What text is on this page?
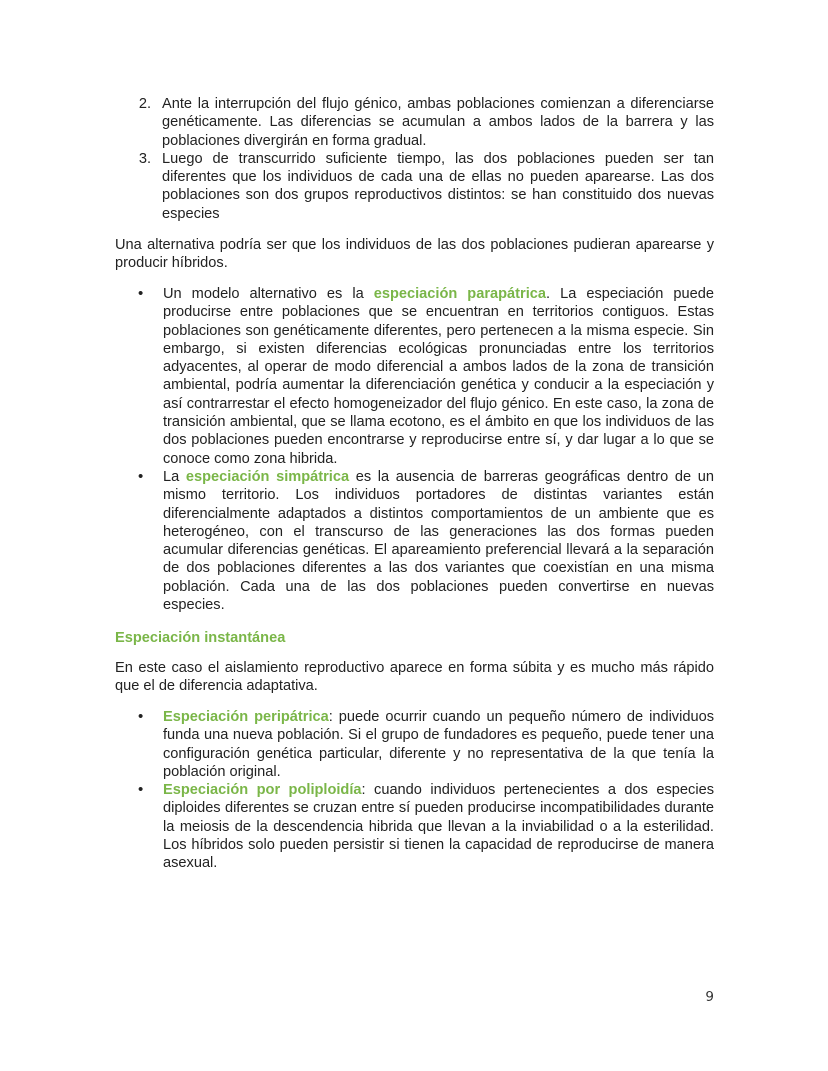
2. Ante la interrupción del flujo génico, ambas poblaciones comienzan a diferenciarse genéticamente. Las diferencias se acumulan a ambos lados de la barrera y las poblaciones divergirán en forma gradual.
3. Luego de transcurrido suficiente tiempo, las dos poblaciones pueden ser tan diferentes que los individuos de cada una de ellas no pueden aparearse. Las dos poblaciones son dos grupos reproductivos distintos: se han constituido dos nuevas especies

Una alternativa podría ser que los individuos de las dos poblaciones pudieran aparearse y producir híbridos.

• Un modelo alternativo es la especiación parapátrica. La especiación puede producirse entre poblaciones que se encuentran en territorios contiguos. Estas poblaciones son genéticamente diferentes, pero pertenecen a la misma especie. Sin embargo, si existen diferencias ecológicas pronunciadas entre los territorios adyacentes, al operar de modo diferencial a ambos lados de la zona de transición ambiental, podría aumentar la diferenciación genética y conducir a la especiación y así contrarrestar el efecto homogeneizador del flujo génico. En este caso, la zona de transición ambiental, que se llama ecotono, es el ámbito en que los individuos de las dos poblaciones pueden encontrarse y reproducirse entre sí, y dar lugar a lo que se conoce como zona hibrida.
• La especiación simpátrica es la ausencia de barreras geográficas dentro de un mismo territorio. Los individuos portadores de distintas variantes están diferencialmente adaptados a distintos comportamientos de un ambiente que es heterogéneo, con el transcurso de las generaciones las dos formas pueden acumular diferencias genéticas. El apareamiento preferencial llevará a la separación de dos poblaciones diferentes a las dos variantes que coexistían en una misma población. Cada una de las dos poblaciones pueden convertirse en nuevas especies.
Especiación instantánea

En este caso el aislamiento reproductivo aparece en forma súbita y es mucho más rápido que el de diferencia adaptativa.

• Especiación peripátrica: puede ocurrir cuando un pequeño número de individuos funda una nueva población. Si el grupo de fundadores es pequeño, puede tener una configuración genética particular, diferente y no representativa de la que tenía la población original.
• Especiación por poliploidía: cuando individuos pertenecientes a dos especies diploides diferentes se cruzan entre sí pueden producirse incompatibilidades durante la meiosis de la descendencia hibrida que llevan a la inviabilidad o a la esterilidad. Los híbridos solo pueden persistir si tienen la capacidad de reproducirse de manera asexual.
9
